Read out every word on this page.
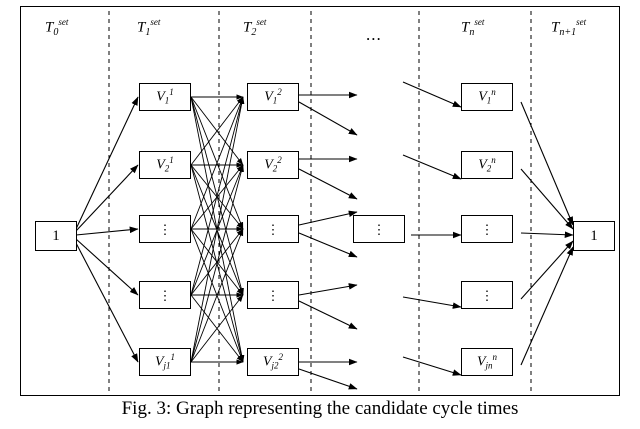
$T_0^{set}$	$T_1^{set}$	$T_2^{set}$
...	$T_n^{set}$	$T_{n+1}^{set}$
1
$V_1^1$
$V_2^1$
⋮
⋮
$V_{j1}^1$
$V_1^2$
$V_2^2$
⋮
⋮
$V_{j2}^2$
⋮
$V_1^n$
$V_2^n$
⋮
⋮
$V_{jn}^n$
1
Fig. 3: Graph representing the candidate cycle times
